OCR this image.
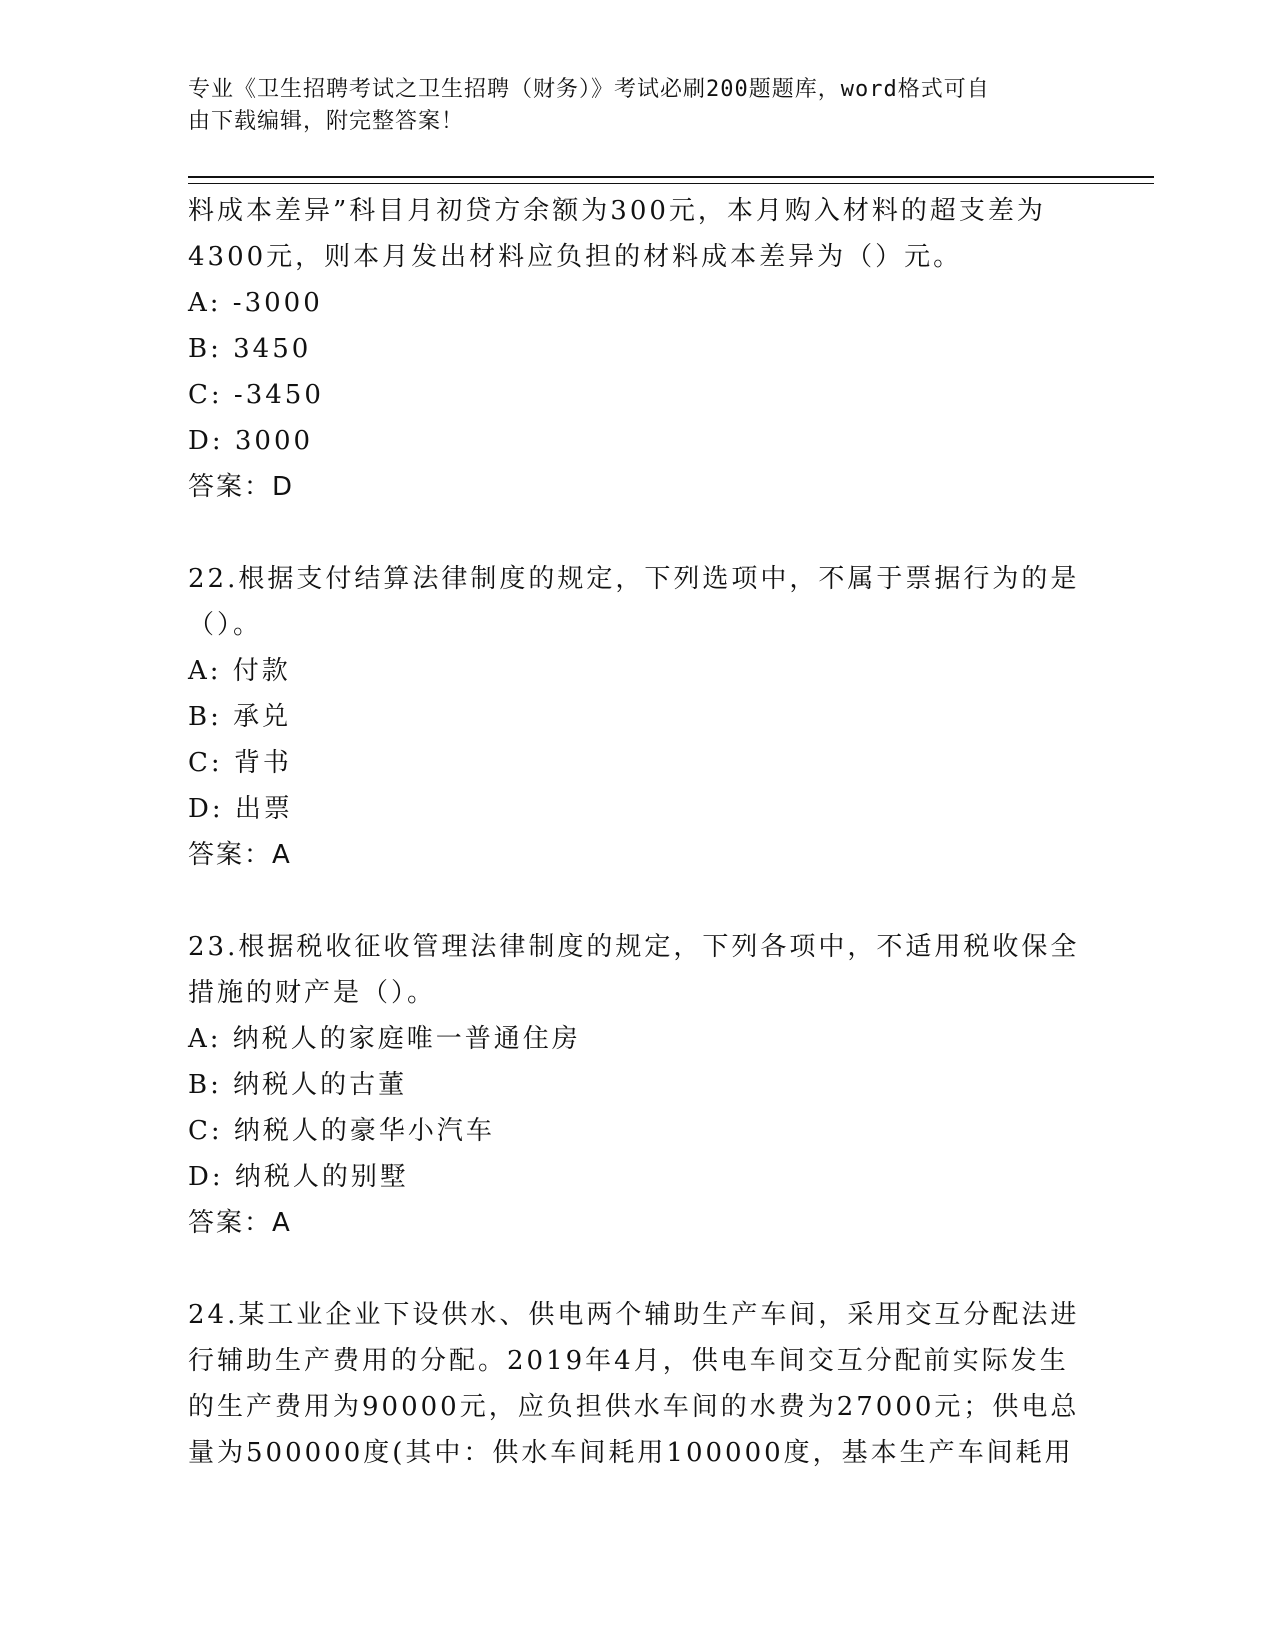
专业《卫生招聘考试之卫生招聘（财务）》考试必刷200题题库，word格式可自
由下载编辑，附完整答案！
料成本差异”科目月初贷方余额为300元，本月购入材料的超支差为
4300元，则本月发出材料应负担的材料成本差异为（）元。
A: -3000
B: 3450
C: -3450
D: 3000
答案：D
22.根据支付结算法律制度的规定，下列选项中，不属于票据行为的是
（）。
A: 付款
B: 承兑
C: 背书
D: 出票
答案：A
23.根据税收征收管理法律制度的规定，下列各项中，不适用税收保全
措施的财产是（）。
A: 纳税人的家庭唯一普通住房
B: 纳税人的古董
C: 纳税人的豪华小汽车
D: 纳税人的别墅
答案：A
24.某工业企业下设供水、供电两个辅助生产车间，采用交互分配法进
行辅助生产费用的分配。2019年4月，供电车间交互分配前实际发生
的生产费用为90000元，应负担供水车间的水费为27000元；供电总
量为500000度(其中：供水车间耗用100000度，基本生产车间耗用
